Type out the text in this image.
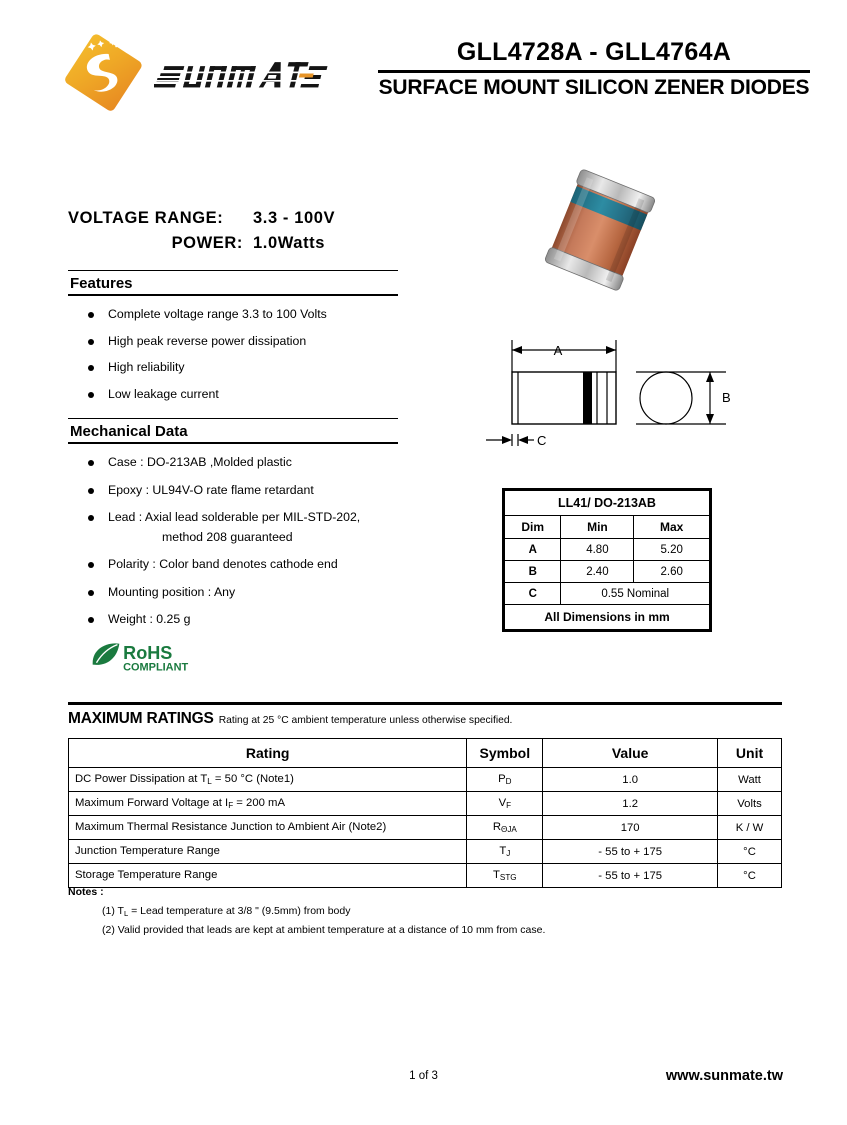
GLL4728A - GLL4764A
SURFACE MOUNT SILICON ZENER DIODES
VOLTAGE RANGE: 3.3 - 100V
POWER: 1.0Watts
Features
Complete voltage range 3.3 to 100 Volts
High peak reverse power dissipation
High reliability
Low leakage current
Mechanical Data
Case : DO-213AB ,Molded plastic
Epoxy : UL94V-O rate flame retardant
Lead : Axial lead solderable per MIL-STD-202,
method 208 guaranteed
Polarity : Color band denotes cathode end
Mounting position : Any
Weight : 0.25 g
RoHS
COMPLIANT
A
B
C
LL41/ DO-213AB		
Dim	Min	Max
A	4.80	5.20
B	2.40	2.60
C	0.55 Nominal	
All Dimensions in mm		
MAXIMUM RATINGS Rating at 25 °C ambient temperature unless otherwise specified.
Rating	Symbol	Value	Unit
DC Power Dissipation at $T_L = 50$ °C (Note1)	$P_D$	1.0	Watt
Maximum Forward Voltage at $I_F = 200$ mA	$V_F$	1.2	Volts
Maximum Thermal Resistance Junction to Ambient Air (Note2)	$R_{\Theta JA}$	170	K / W
Junction Temperature Range	$T_J$	- 55 to + 175	°C
Storage Temperature Range	$T_{STG}$	- 55 to + 175	°C
Notes :
(1) $T_L$ = Lead temperature at 3/8 " (9.5mm) from body
(2) Valid provided that leads are kept at ambient temperature at a distance of 10 mm from case.
1 of 3	www.sunmate.tw
